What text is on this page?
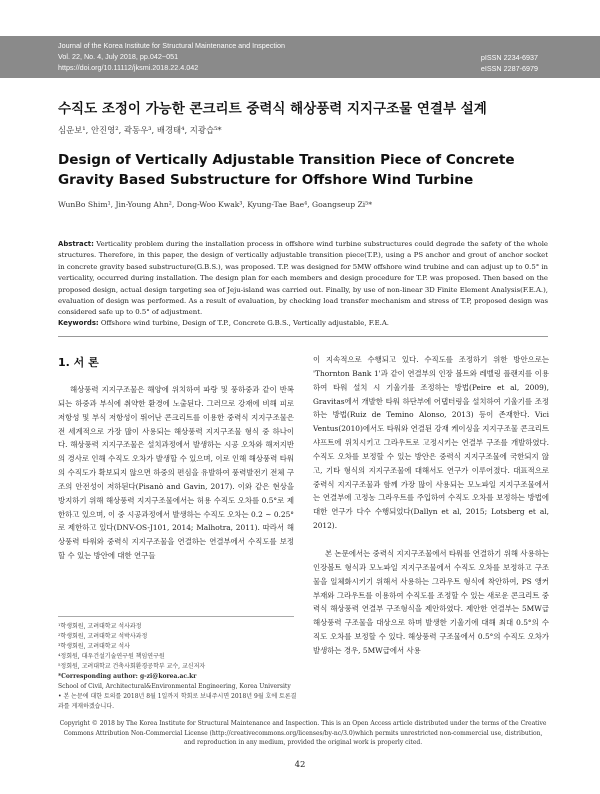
Journal of the Korea Institute for Structural Maintenance and Inspection
Vol. 22, No. 4, July 2018, pp.042~051
https://doi.org/10.11112/jksmi.2018.22.4.042
pISSN 2234-6937
eISSN 2287-6979
수직도 조정이 가능한 콘크리트 중력식 해상풍력 지지구조물 연결부 설계
심운보¹, 안진영², 곽동우³, 배경태⁴, 지광습⁵*
Design of Vertically Adjustable Transition Piece of Concrete Gravity Based Substructure for Offshore Wind Turbine
WunBo Shim¹, Jin-Young Ahn², Dong-Woo Kwak³, Kyung-Tae Bae⁴, Goangseup Zi⁵*
Abstract: Verticality problem during the installation process in offshore wind turbine substructures could degrade the safety of the whole structures. Therefore, in this paper, the design of vertically adjustable transition piece(T.P.), using a PS anchor and grout of anchor socket in concrete gravity based substructure(G.B.S.), was proposed. T.P. was designed for 5MW offshore wind trubine and can adjust up to 0.5° in verticality, occurred during installation. The design plan for each members and design procedure for T.P. was proposed. Then based on the proposed design, actual design targeting sea of Jeju-island was carried out. Finally, by use of non-linear 3D Finite Element Analysis(F.E.A.), evaluation of design was performed. As a result of evaluation, by checking load transfer mechanism and stress of T.P, proposed design was considered safe up to 0.5° of adjustment.
Keywords: Offshore wind turbine, Design of T.P., Concrete G.B.S., Vertically adjustable, F.E.A.
1. 서 론
해상풍력 지지구조물은 해양에 위치하여 파랑 및 풍하중과 같이 반복되는 하중과 부식에 취약한 환경에 노출된다. 그러므로 강재에 비해 피로 저항성 및 부식 저항성이 뛰어난 콘크리트를 이용한 중력식 지지구조물은 전 세계적으로 가장 많이 사용되는 해상풍력 지지구조물 형식 중 하나이다. 해상풍력 지지구조물은 설치과정에서 발생하는 시공 오차와 해저지반의 경사로 인해 수직도 오차가 발생할 수 있으며, 이로 인해 해상풍력 타워의 수직도가 확보되지 않으면 하중의 편심을 유발하여 풍력발전기 전체 구조의 안전성이 저하된다(Pisanò and Gavin, 2017). 이와 같은 현상을 방지하기 위해 해상풍력 지지구조물에서는 허용 수직도 오차를 0.5°로 제한하고 있으며, 이 중 시공과정에서 발생하는 수직도 오차는 0.2 ~ 0.25°로 제한하고 있다(DNV-OS-J101, 2014; Malhotra, 2011). 따라서 해상풍력 타워와 중력식 지지구조물을 연결하는 연결부에서 수직도를 보정할 수 있는 방안에 대한 연구들

이 지속적으로 수행되고 있다. 수직도를 조정하기 위한 방안으로는 'Thornton Bank 1'과 같이 연결부의 인장 볼트와 레벨링 플랜지를 이용하여 타워 설치 시 기울기를 조정하는 방법(Peire et al, 2009), Gravitas에서 개발한 타워 하단부에 어댑터링을 설치하여 기울기를 조정하는 방법(Ruiz de Temino Alonso, 2013) 등이 존재한다. Vici Ventus(2010)에서도 타워와 연결된 강재 케이싱을 지지구조물 콘크리트 샤프트에 위치시키고 그라우트로 고정시키는 연결부 구조를 개발하였다. 수직도 오차를 보정할 수 있는 방안은 중력식 지지구조물에 국한되지 않고, 기타 형식의 지지구조물에 대해서도 연구가 이루어졌다. 대표적으로 중력식 지지구조물과 함께 가장 많이 사용되는 모노파일 지지구조물에서는 연결부에 고정농 그라우트를 주입하여 수직도 오차를 보정하는 방법에 대한 연구가 다수 수행되었다(Dallyn et al, 2015; Lotsberg et al, 2012).

본 논문에서는 중력식 지지구조물에서 타워를 연결하기 위해 사용하는 인장볼트 형식과 모노파일 지지구조물에서 수직도 오차를 보정하고 구조물을 일체화시키기 위해서 사용하는 그라우트 형식에 착안하여, PS 앵커 부재와 그라우트를 이용하여 수직도를 조정할 수 있는 새로운 콘크리트 중력식 해상풍력 연결부 구조형식을 제안하였다. 제안한 연결부는 5MW급 해상풍력 구조물을 대상으로 하며 발생한 기울기에 대해 최대 0.5°의 수직도 오차를 보정할 수 있다. 해상풍력 구조물에서 0.5°의 수직도 오차가 발생하는 경우, 5MW급에서 사용

¹학생회원, 고려대학교 석사과정
²학생회원, 고려대학교 석박사과정
³학생회원, 고려대학교 석사
⁴정회원, 대우건설기술연구원 책임연구원
⁵정회원, 고려대학교 건축사회환경공학부 교수, 교신저자
*Corresponding author: g-zi@korea.ac.kr
School of Civil, Architectural&Environmental Engineering, Korea University
• 본 논문에 대한 토의를 2018년 8월 1일까지 학회로 보내주시면 2018년 9월 호에 토론결과를 게재하겠습니다.
Copyright © 2018 by The Korea Institute for Structural Maintenance and Inspection. This is an Open Access article distributed under the terms of the Creative Commons Attribution Non-Commercial License (http://creativecommons.org/licenses/by-nc/3.0)which permits unrestricted non-commercial use, distribution, and reproduction in any medium, provided the original work is properly cited.
42
